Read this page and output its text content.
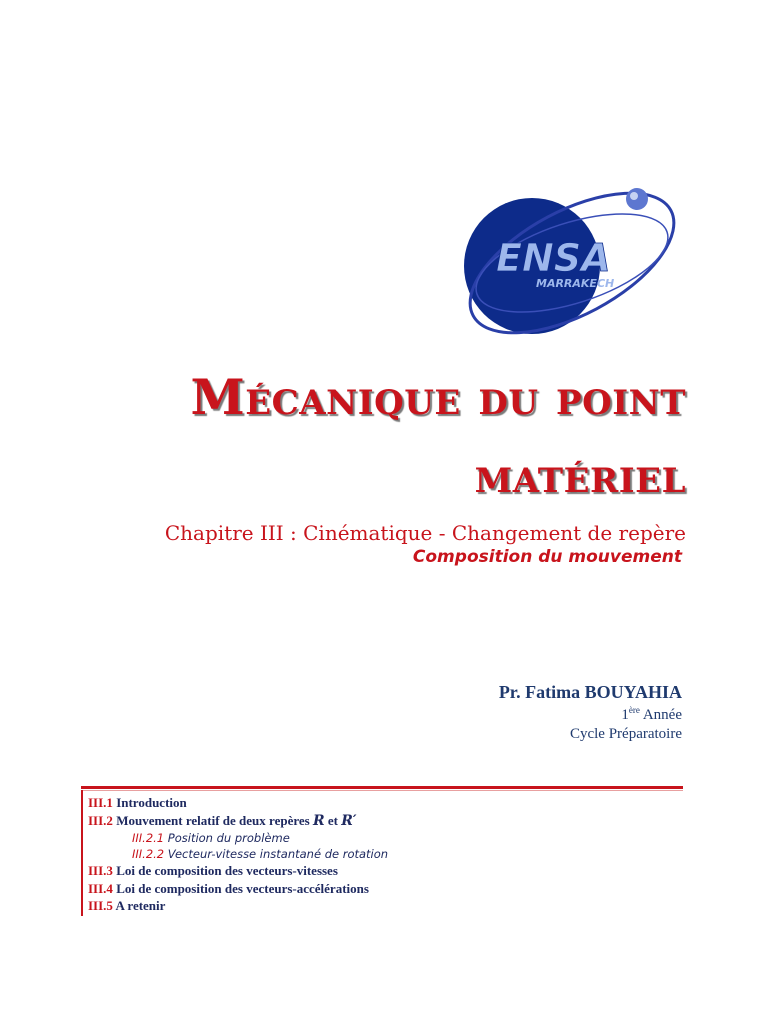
ENSA
MARRAKECH
Mécanique du point
matériel
Chapitre III : Cinématique - Changement de repère
Composition du mouvement
Pr. Fatima BOUYAHIA
1ère Année
Cycle Préparatoire
III.1 Introduction
III.2 Mouvement relatif de deux repères R et R′
III.2.1 Position du problème
III.2.2 Vecteur-vitesse instantané de rotation
III.3 Loi de composition des vecteurs-vitesses
III.4 Loi de composition des vecteurs-accélérations
III.5 A retenir
